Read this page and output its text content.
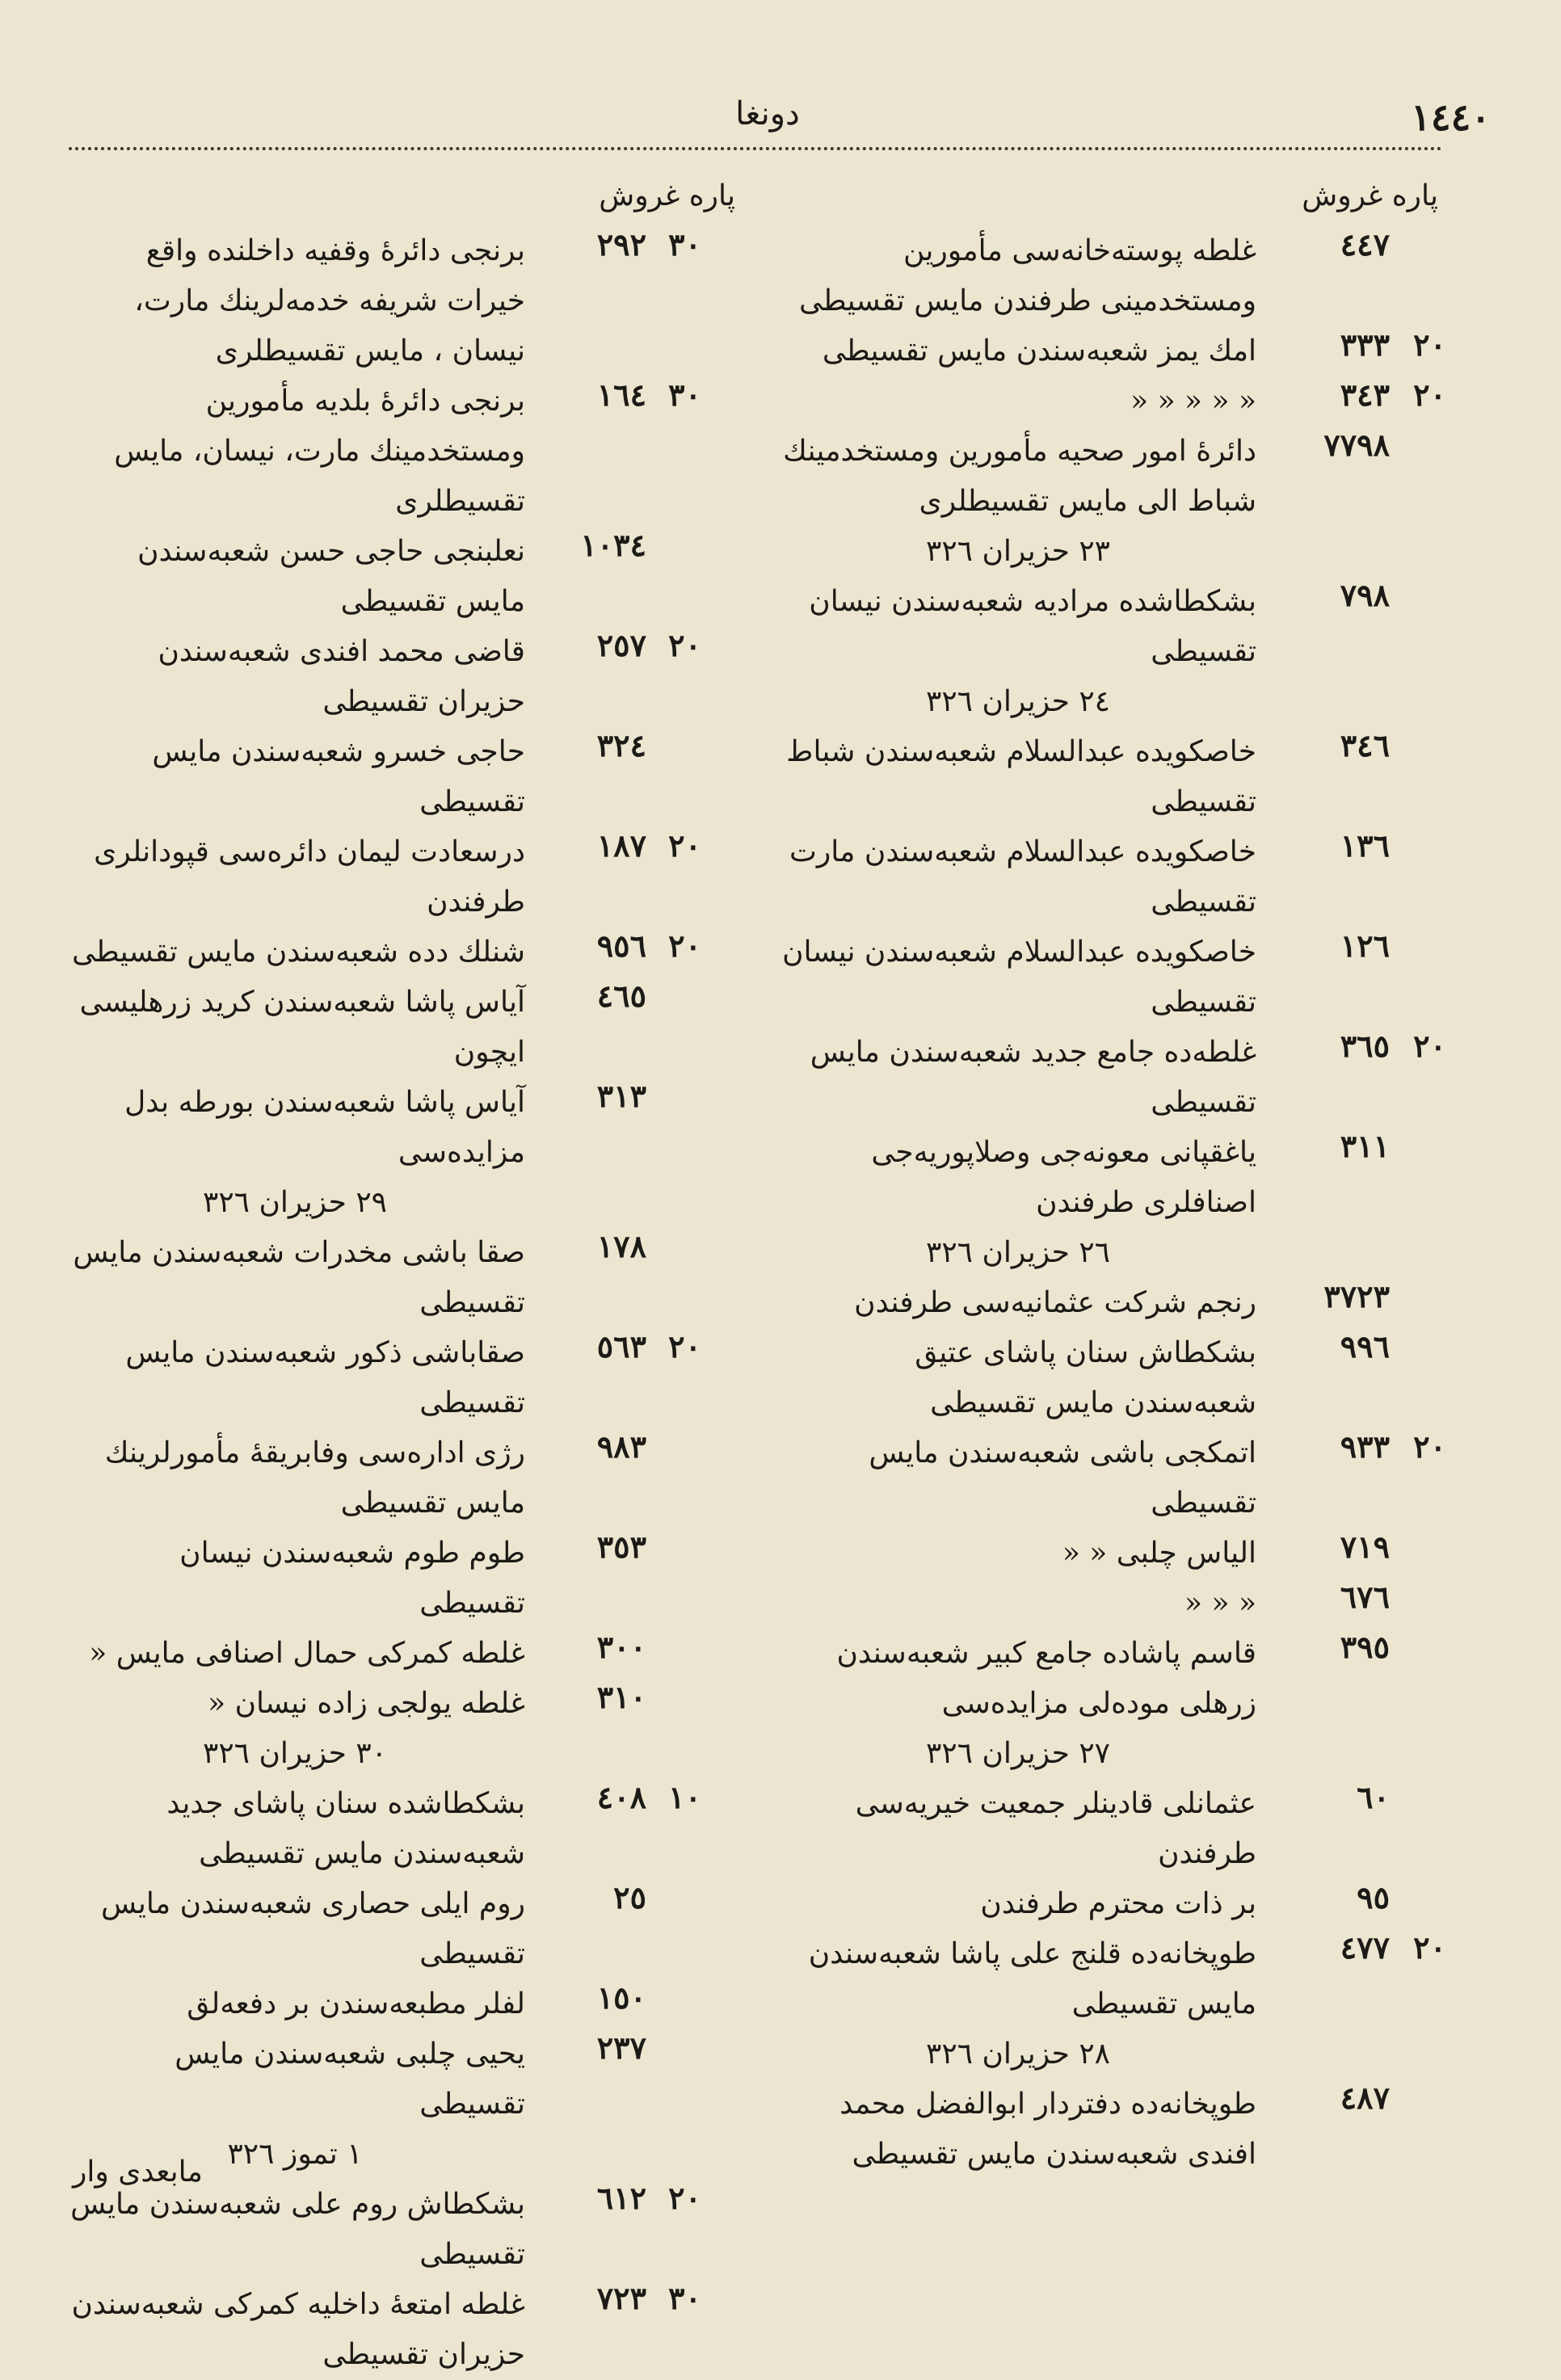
١٤٤٠
دونغا
پاره غروش
پاره غروش
٤٤٧
غلطه پوسته‌خانه‌سی مأمورین ومستخدمینی طرفندن مایس تقسیطی
٢٠
٣٣٣
امك يمز شعبه‌سندن مایس تقسیطی
٢٠
٣٤٣
« « « « «
٧٧٩٨
دائرهٔ امور صحیه مأمورین ومستخدمینك شباط الی مایس تقسیطلری
٢٣ حزیران ٣٢٦
٧٩٨
بشكطاشده مرادیه شعبه‌سندن نیسان تقسیطی
٢٤ حزیران ٣٢٦
٣٤٦
خاصكویده عبدالسلام شعبه‌سندن شباط تقسیطی
١٣٦
خاصكویده عبدالسلام شعبه‌سندن مارت تقسیطی
١٢٦
خاصكویده عبدالسلام شعبه‌سندن نیسان تقسیطی
٢٠
٣٦٥
غلطه‌ده جامع جدید شعبه‌سندن مایس تقسیطی
٣١١
یاغقپانی معونه‌جی وصلاپوریه‌جی اصنافلری طرفندن
٢٦ حزیران ٣٢٦
٣٧٢٣
رنجم شركت عثمانیه‌سی طرفندن
٩٩٦
بشكطاش سنان پاشای عتیق شعبه‌سندن مایس تقسیطی
٢٠
٩٣٣
اتمكجی باشی شعبه‌سندن مایس تقسیطی
٧١٩
الیاس چلبی « «
٦٧٦
« « «
٣٩٥
قاسم پاشاده جامع كبیر شعبه‌سندن زرهلی موده‌لی مزایده‌سی
٢٧ حزیران ٣٢٦
٦٠
عثمانلی قادینلر جمعیت خیریه‌سی طرفندن
٩٥
بر ذات محترم طرفندن
٢٠
٤٧٧
طوپخانه‌ده قلنج علی پاشا شعبه‌سندن مایس تقسیطی
٢٨ حزیران ٣٢٦
٤٨٧
طوپخانه‌ده دفتردار ابوالفضل محمد افندی شعبه‌سندن مایس تقسیطی
٣٠
٢٩٢
برنجی دائرهٔ وقفیه داخلنده واقع خیرات شریفه خدمه‌لرینك مارت، نیسان ، مایس تقسیطلری
٣٠
١٦٤
برنجی دائرهٔ بلدیه مأمورین ومستخدمینك مارت، نیسان، مایس تقسیطلری
١٠٣٤
نعلبنجی حاجی حسن شعبه‌سندن مایس تقسیطی
٢٠
٢٥٧
قاضی محمد افندی شعبه‌سندن حزیران تقسیطی
٣٢٤
حاجی خسرو شعبه‌سندن مایس تقسیطی
٢٠
١٨٧
درسعادت لیمان دائره‌سی قپودانلری طرفندن
٢٠
٩٥٦
شنلك دده شعبه‌سندن مایس تقسیطی
٤٦٥
آیاس پاشا شعبه‌سندن كرید زرهلیسی ایچون
٣١٣
آیاس پاشا شعبه‌سندن بورطه بدل مزایده‌سی
٢٩ حزیران ٣٢٦
١٧٨
صقا باشی مخدرات شعبه‌سندن مایس تقسیطی
٢٠
٥٦٣
صقاباشی ذكور شعبه‌سندن مایس تقسیطی
٩٨٣
رژی اداره‌سی وفابریقه‌ٔ مأمورلرینك مایس تقسیطی
٣٥٣
طوم طوم شعبه‌سندن نیسان تقسیطی
٣٠٠
غلطه كمركی حمال اصنافی مایس «
٣١٠
غلطه یولجی زاده نیسان «
٣٠ حزیران ٣٢٦
١٠
٤٠٨
بشكطاشده سنان پاشای جدید شعبه‌سندن مایس تقسیطی
٢٥
روم ایلی حصاری شعبه‌سندن مایس تقسیطی
١٥٠
لفلر مطبعه‌سندن بر دفعه‌لق
٢٣٧
یحیی چلبی شعبه‌سندن مایس تقسیطی
١ تموز ٣٢٦
٢٠
٦١٢
بشكطاش روم علی شعبه‌سندن مایس تقسیطی
٣٠
٧٢٣
غلطه امتعهٔ داخلیه كمركی شعبه‌سندن حزیران تقسیطی
مابعدی وار
